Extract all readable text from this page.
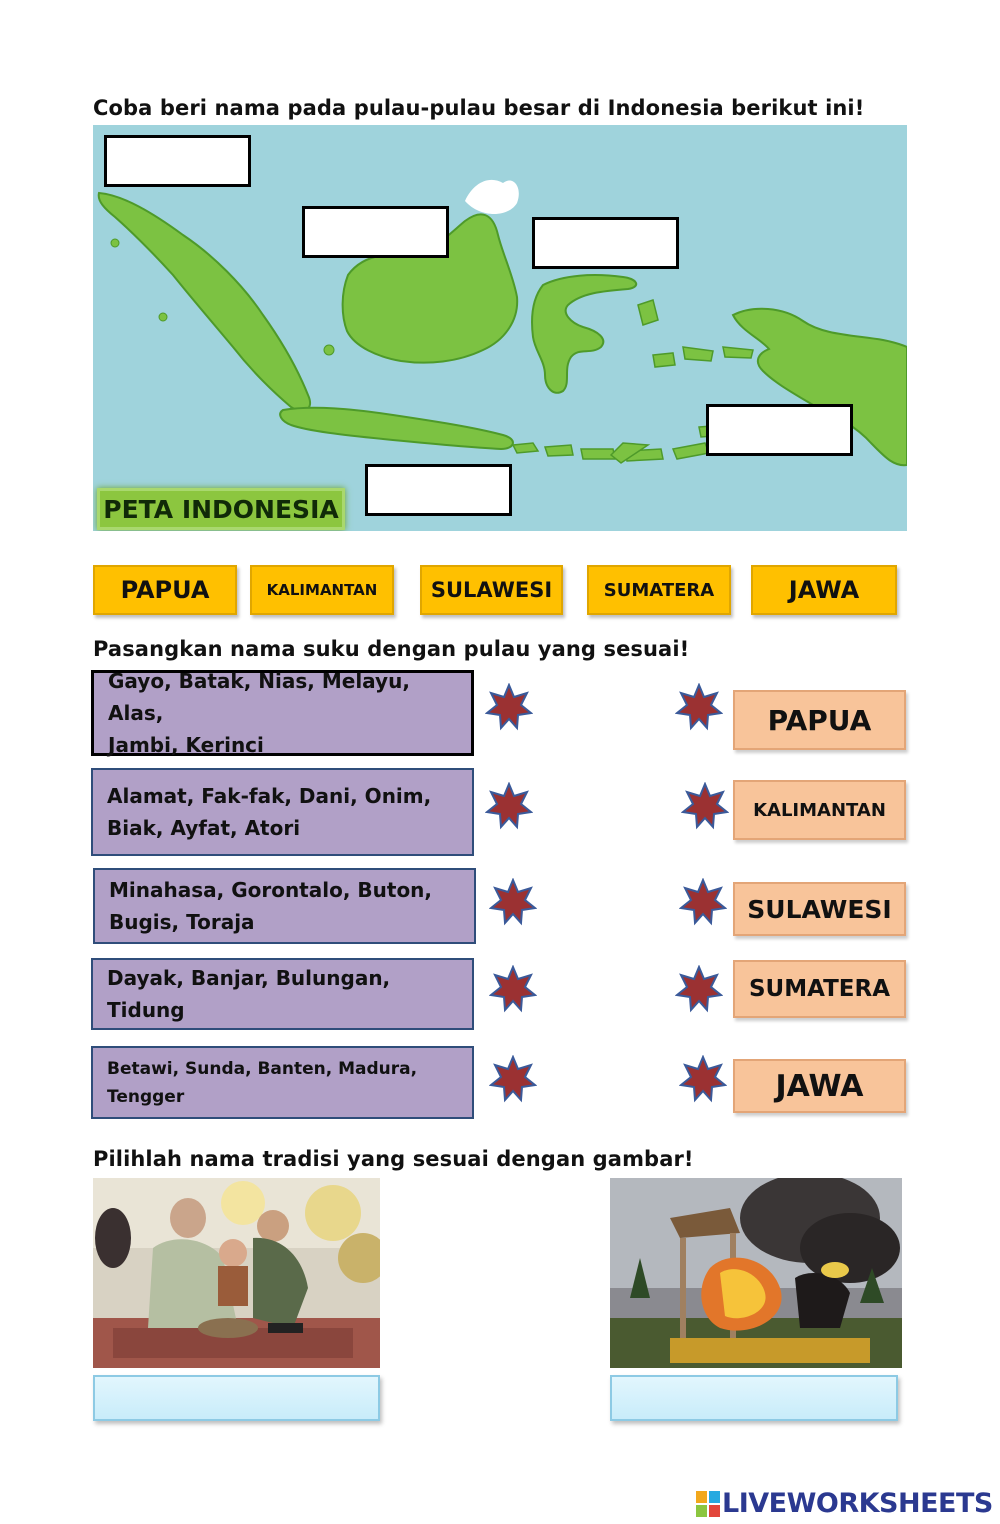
Coba beri nama pada pulau-pulau besar di Indonesia berikut ini!
PETA INDONESIA
PAPUA	KALIMANTAN	SULAWESI	SUMATERA	JAWA
Pasangkan nama suku dengan pulau yang sesuai!
Gayo, Batak, Nias, Melayu, Alas,
Jambi, Kerinci
Alamat, Fak-fak, Dani, Onim,
Biak, Ayfat, Atori
Minahasa, Gorontalo, Buton,
Bugis, Toraja
Dayak, Banjar, Bulungan, Tidung
Betawi, Sunda, Banten, Madura,
Tengger
PAPUA
KALIMANTAN
SULAWESI
SUMATERA
JAWA
Pilihlah nama tradisi yang sesuai dengan gambar!
LIVEWORKSHEETS
